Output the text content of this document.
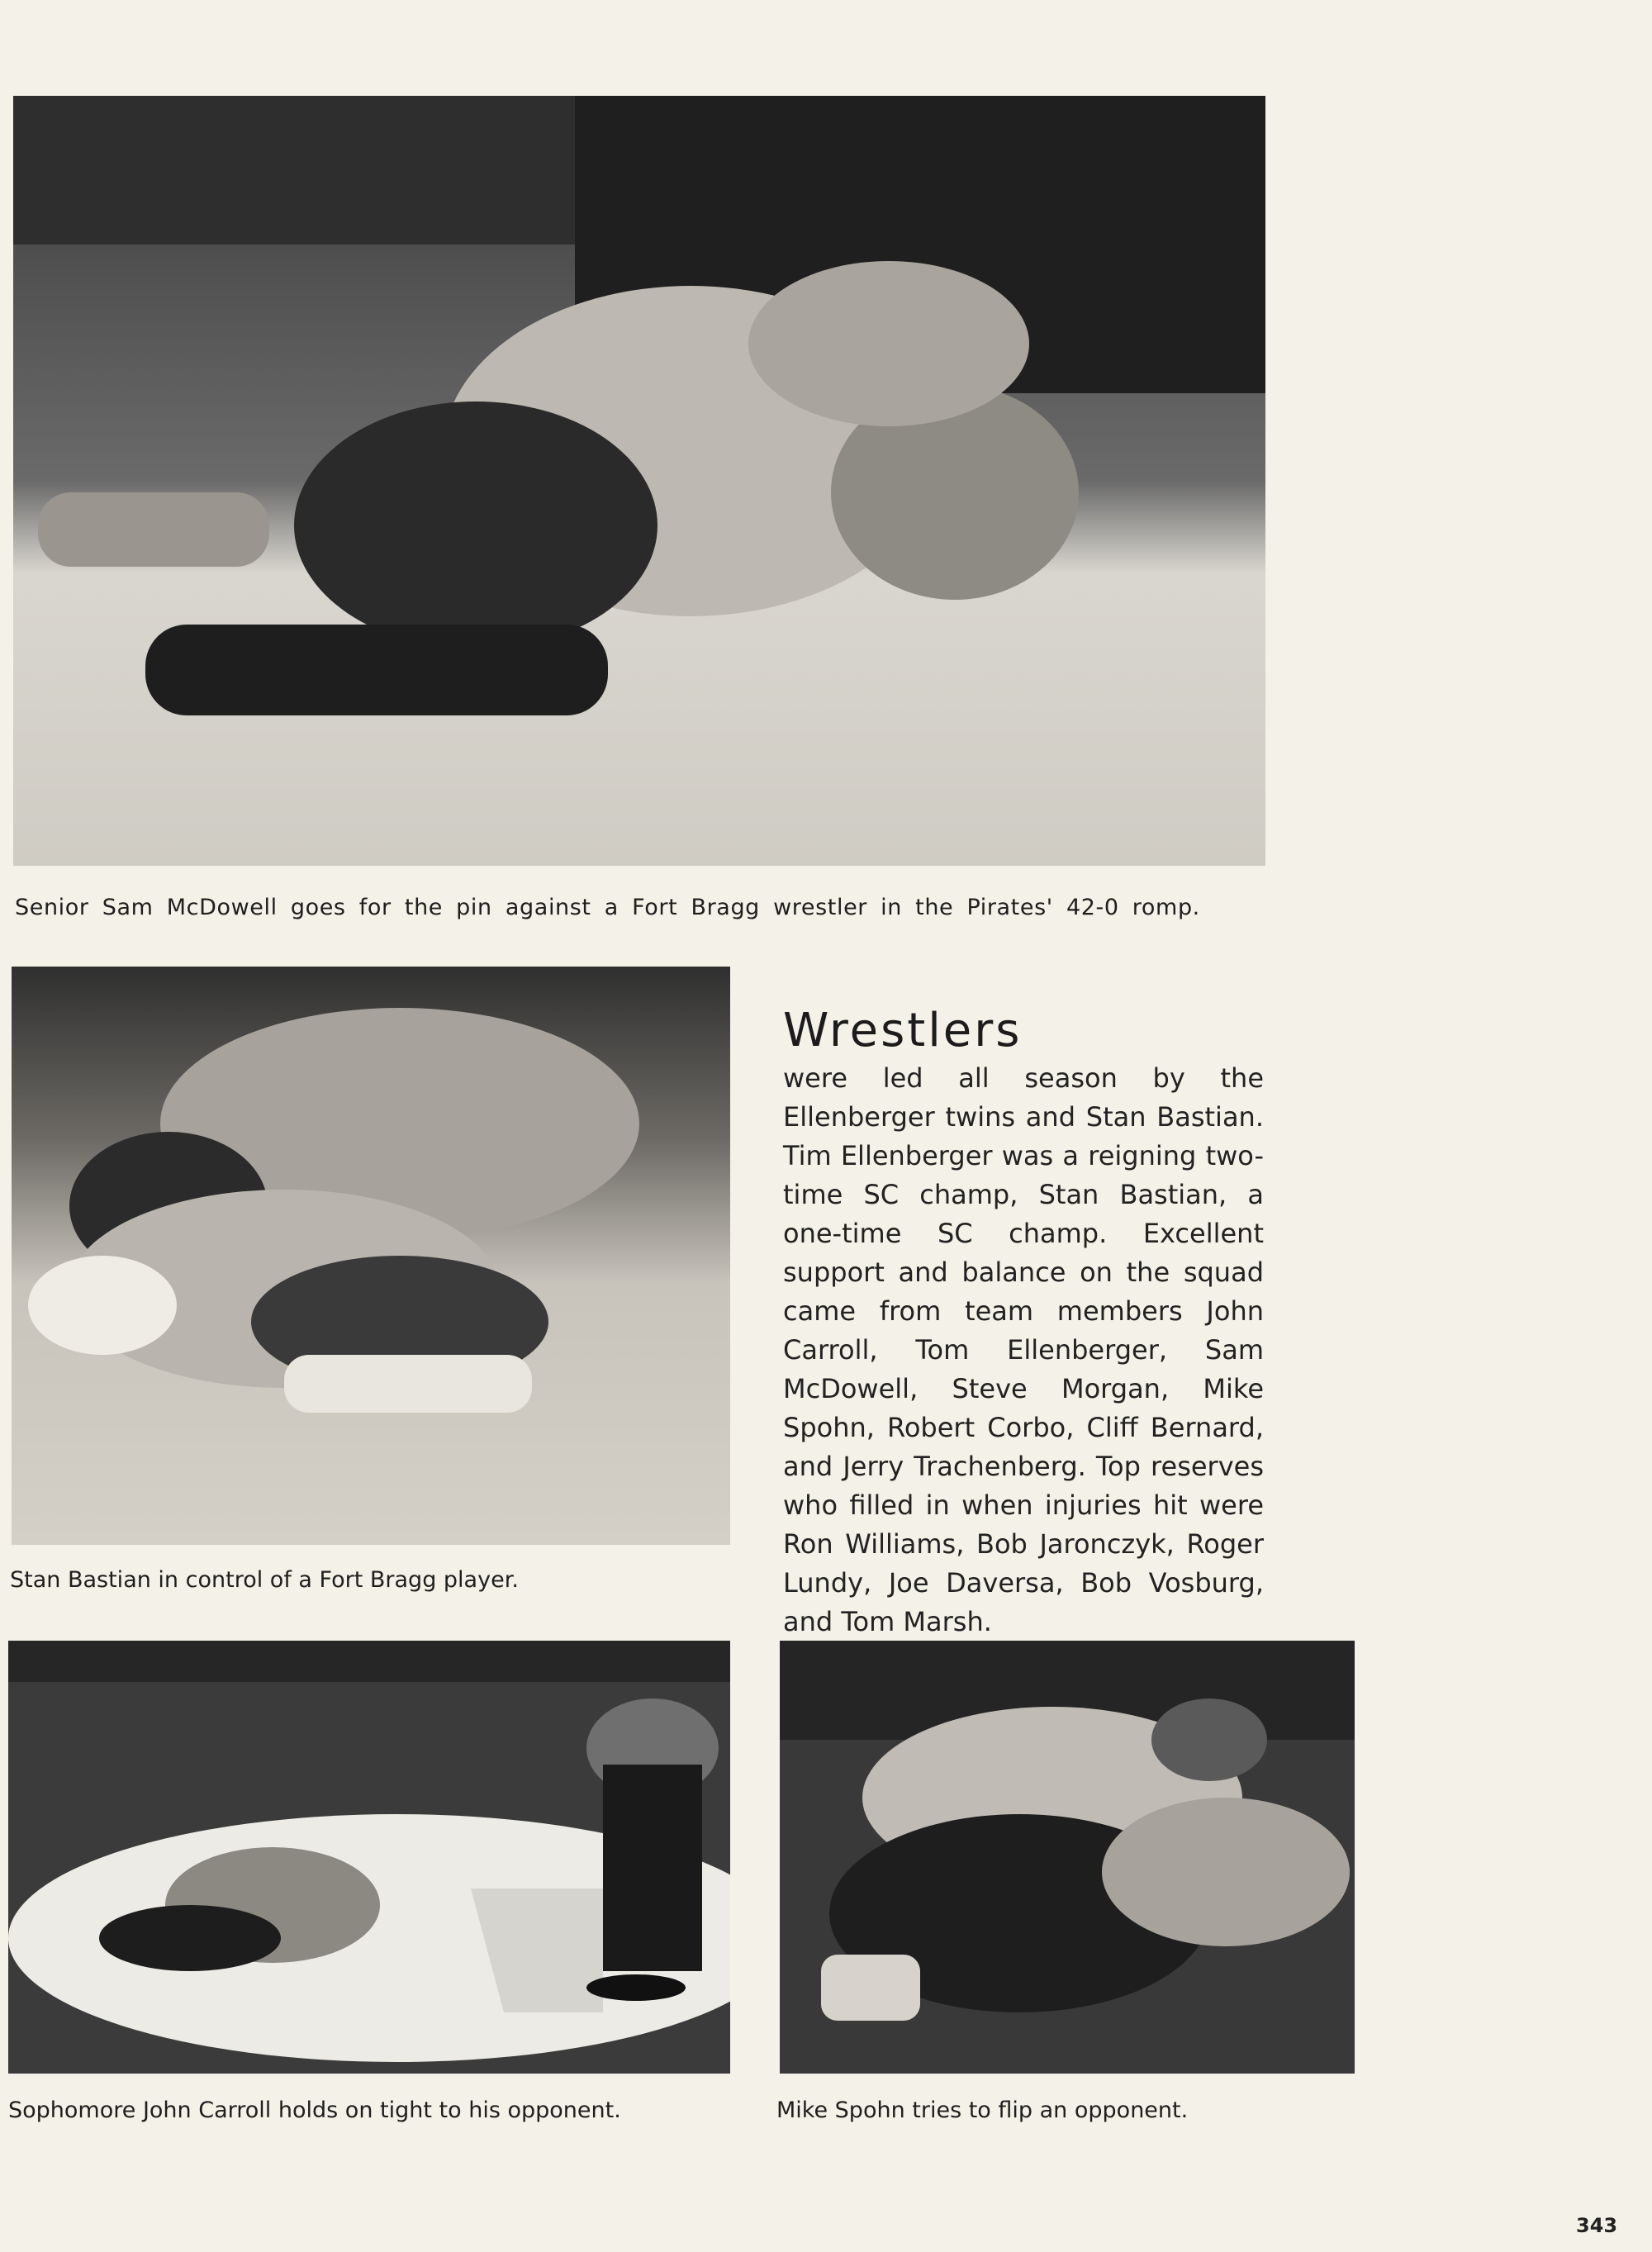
Senior Sam McDowell goes for the pin against a Fort Bragg wrestler in the Pirates' 42-0 romp.
Stan Bastian in control of a Fort Bragg player.
Wrestlers

were led all season by the Ellenberger twins and Stan Bastian. Tim Ellenberger was a reigning two-time SC champ, Stan Bastian, a one-time SC champ. Excellent support and balance on the squad came from team members John Carroll, Tom Ellenberger, Sam McDowell, Steve Morgan, Mike Spohn, Robert Corbo, Cliff Bernard, and Jerry Trachenberg. Top reserves who filled in when injuries hit were Ron Williams, Bob Jaronczyk, Roger Lundy, Joe Daversa, Bob Vosburg, and Tom Marsh.

Sophomore John Carroll holds on tight to his opponent.	Mike Spohn tries to flip an opponent.
343
